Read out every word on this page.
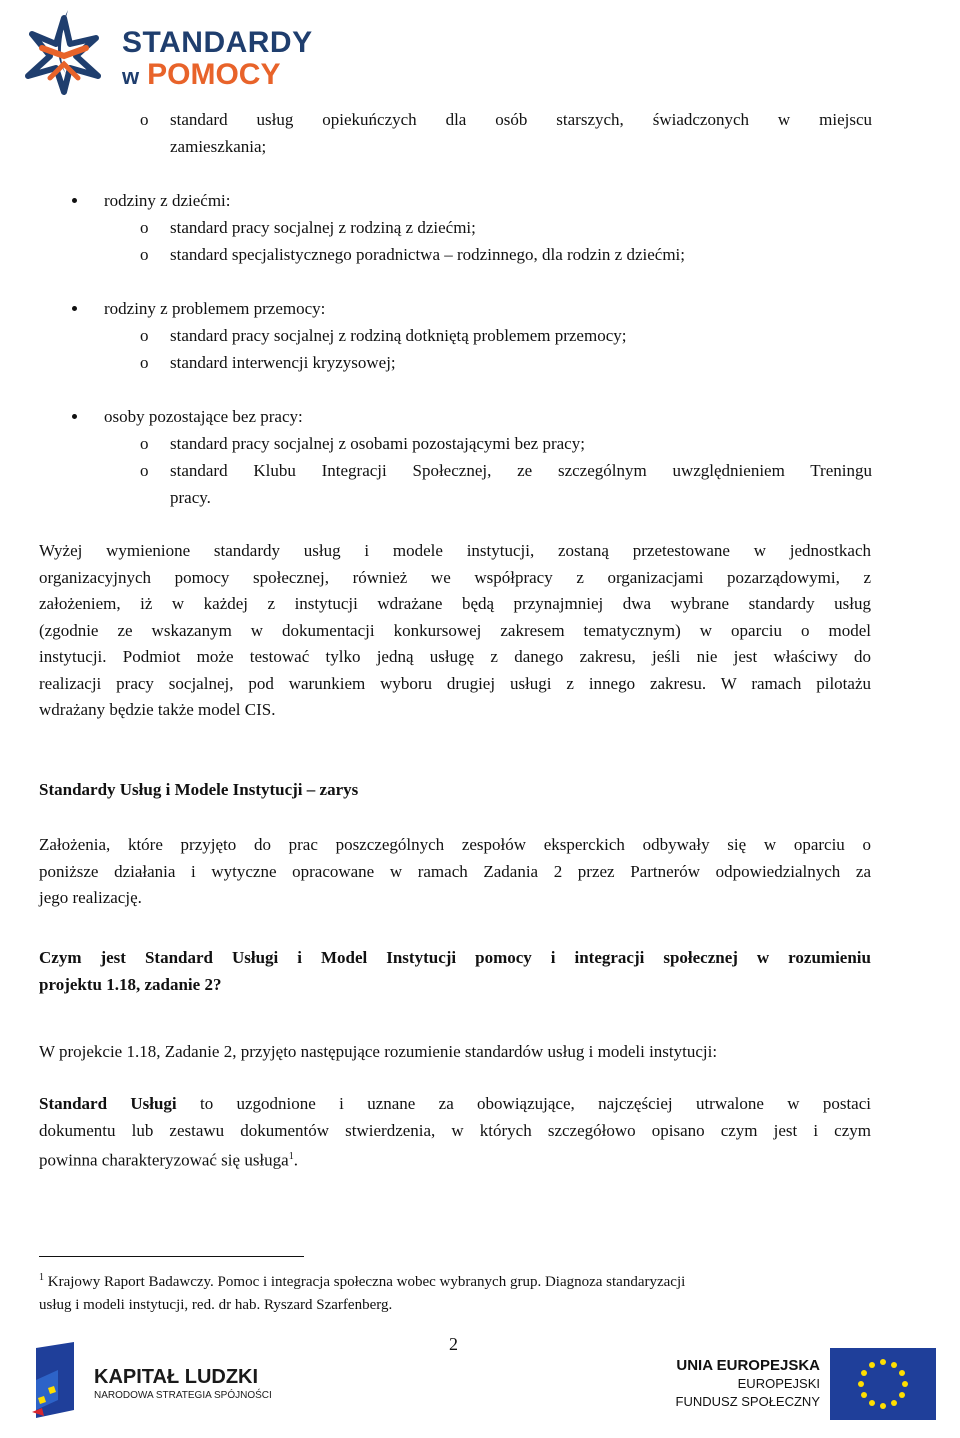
STANDARDY
w POMOCY
o standard usług opiekuńczych dla osób starszych, świadczonych w miejscu
zamieszkania;
rodziny z dziećmi:
o standard pracy socjalnej z rodziną z dziećmi;
o standard specjalistycznego poradnictwa – rodzinnego, dla rodzin z dziećmi;
rodziny z problemem przemocy:
o standard pracy socjalnej z rodziną dotkniętą problemem przemocy;
o standard interwencji kryzysowej;
osoby pozostające bez pracy:
o standard pracy socjalnej z osobami pozostającymi bez pracy;
o standard Klubu Integracji Społecznej, ze szczególnym uwzględnieniem Treningu
pracy.
Wyżej wymienione standardy usług i modele instytucji, zostaną przetestowane w jednostkach
organizacyjnych pomocy społecznej, również we współpracy z organizacjami pozarządowymi, z
założeniem, iż w każdej z instytucji wdrażane będą przynajmniej dwa wybrane standardy usług
(zgodnie ze wskazanym w dokumentacji konkursowej zakresem tematycznym) w oparciu o model
instytucji. Podmiot może testować tylko jedną usługę z danego zakresu, jeśli nie jest właściwy do
realizacji pracy socjalnej, pod warunkiem wyboru drugiej usługi z innego zakresu. W ramach pilotażu
wdrażany będzie także model CIS.
Standardy Usług i Modele Instytucji – zarys
Założenia, które przyjęto do prac poszczególnych zespołów eksperckich odbywały się w oparciu o
poniższe działania i wytyczne opracowane w ramach Zadania 2 przez Partnerów odpowiedzialnych za
jego realizację.
Czym jest Standard Usługi i Model Instytucji pomocy i integracji społecznej w rozumieniu
projektu 1.18, zadanie 2?
W projekcie 1.18, Zadanie 2, przyjęto następujące rozumienie standardów usług i modeli instytucji:
Standard Usługi to uzgodnione i uznane za obowiązujące, najczęściej utrwalone w postaci
dokumentu lub zestawu dokumentów stwierdzenia, w których szczegółowo opisano czym jest i czym
powinna charakteryzować się usługa$^1$.
$^1$ Krajowy Raport Badawczy. Pomoc i integracja społeczna wobec wybranych grup. Diagnoza standaryzacji
usług i modeli instytucji, red. dr hab. Ryszard Szarfenberg.
2
KAPITAŁ LUDZKI
NARODOWA STRATEGIA SPÓJNOŚCI
UNIA EUROPEJSKA
EUROPEJSKI
FUNDUSZ SPOŁECZNY
